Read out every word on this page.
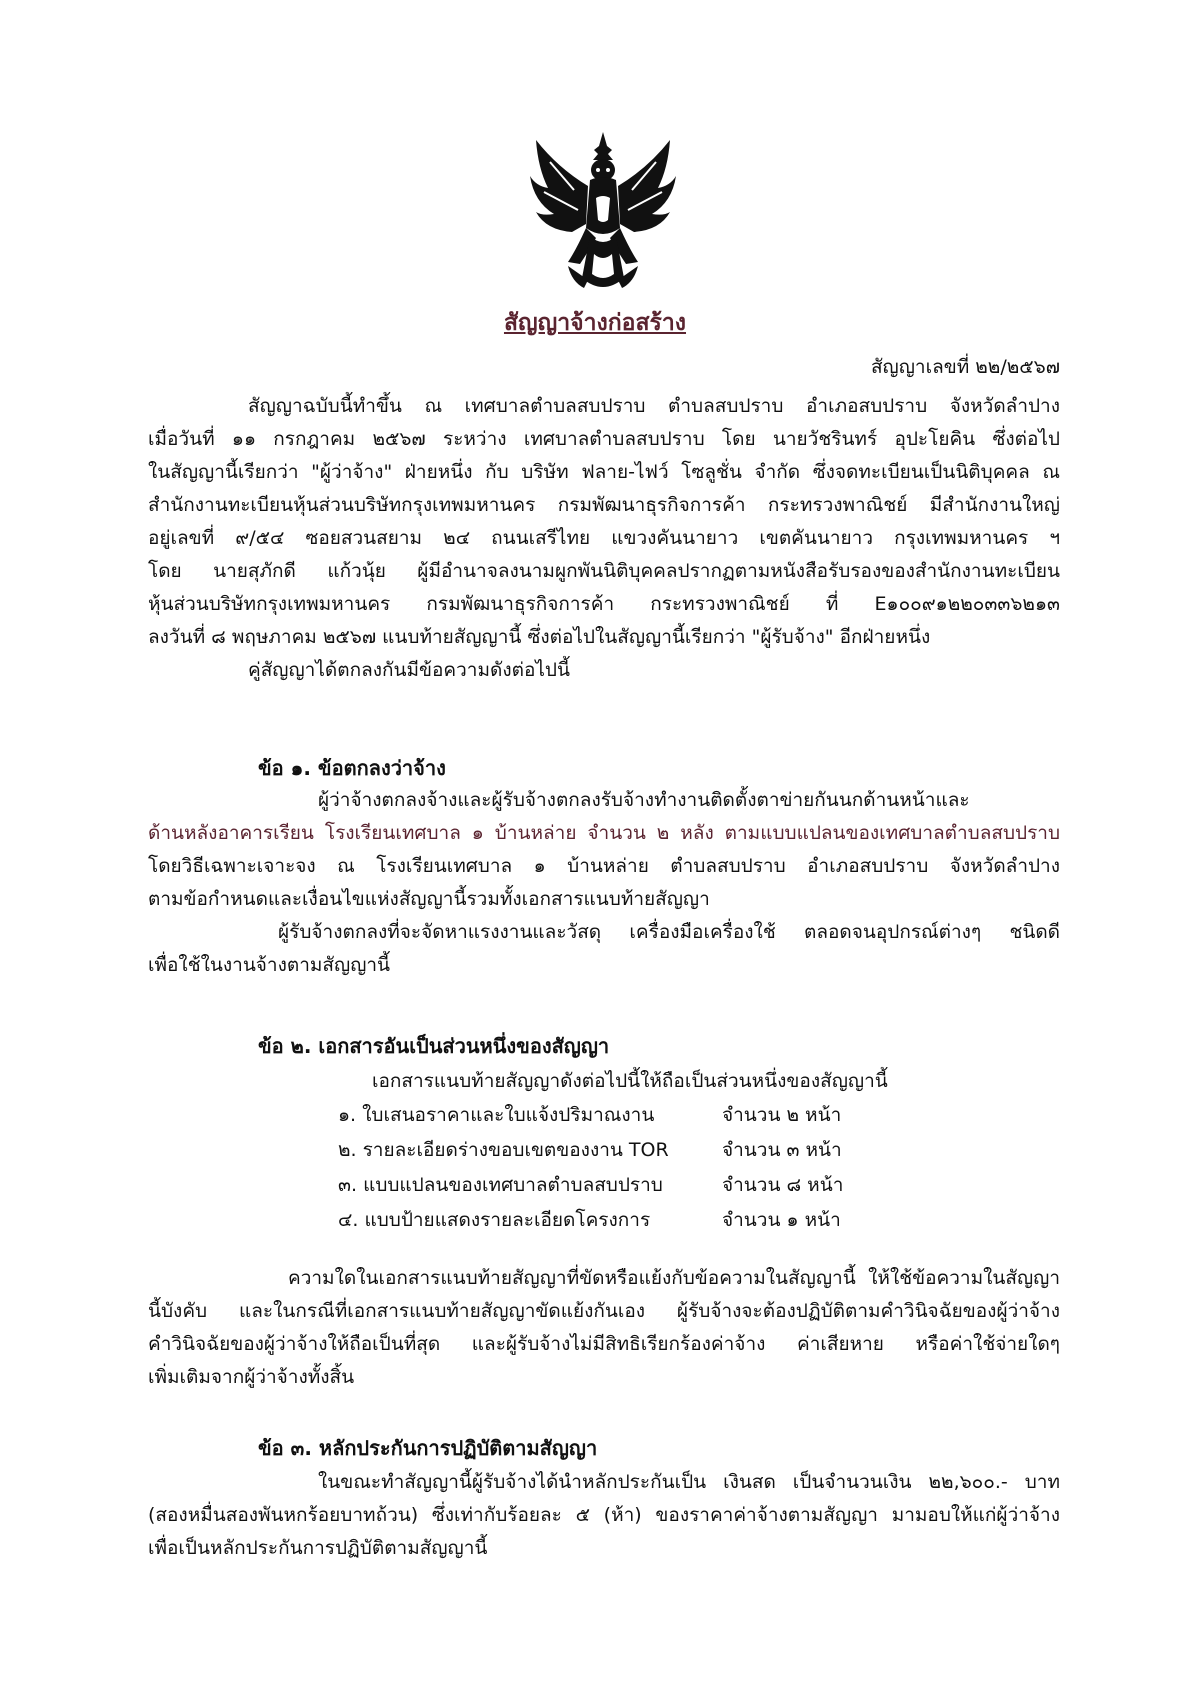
สัญญาจ้างก่อสร้าง
สัญญาเลขที่ ๒๒/๒๕๖๗
สัญญาฉบับนี้ทำขึ้น ณ เทศบาลตำบลสบปราบ ตำบลสบปราบ อำเภอสบปราบ จังหวัดลำปาง
เมื่อวันที่ ๑๑ กรกฎาคม ๒๕๖๗ ระหว่าง เทศบาลตำบลสบปราบ โดย นายวัชรินทร์ อุปะโยคิน ซึ่งต่อไป
ในสัญญานี้เรียกว่า "ผู้ว่าจ้าง" ฝ่ายหนึ่ง กับ บริษัท ฟลาย-ไฟว์ โซลูชั่น จำกัด ซึ่งจดทะเบียนเป็นนิติบุคคล ณ
สำนักงานทะเบียนหุ้นส่วนบริษัทกรุงเทพมหานคร กรมพัฒนาธุรกิจการค้า กระทรวงพาณิชย์ มีสำนักงานใหญ่
อยู่เลขที่ ๙/๕๔ ซอยสวนสยาม ๒๔ ถนนเสรีไทย แขวงคันนายาว เขตคันนายาว กรุงเทพมหานคร ฯ
โดย นายสุภักดี แก้วนุ้ย ผู้มีอำนาจลงนามผูกพันนิติบุคคลปรากฏตามหนังสือรับรองของสำนักงานทะเบียน
หุ้นส่วนบริษัทกรุงเทพมหานคร กรมพัฒนาธุรกิจการค้า กระทรวงพาณิชย์ ที่ E๑๐๐๙๑๒๒๐๓๓๖๒๑๓
ลงวันที่ ๘ พฤษภาคม ๒๕๖๗ แนบท้ายสัญญานี้ ซึ่งต่อไปในสัญญานี้เรียกว่า "ผู้รับจ้าง" อีกฝ่ายหนึ่ง
คู่สัญญาได้ตกลงกันมีข้อความดังต่อไปนี้
ข้อ ๑. ข้อตกลงว่าจ้าง
ผู้ว่าจ้างตกลงจ้างและผู้รับจ้างตกลงรับจ้างทำงานติดตั้งตาข่ายกันนกด้านหน้าและ
ด้านหลังอาคารเรียน โรงเรียนเทศบาล ๑ บ้านหล่าย จำนวน ๒ หลัง ตามแบบแปลนของเทศบาลตำบลสบปราบ
โดยวิธีเฉพาะเจาะจง ณ โรงเรียนเทศบาล ๑ บ้านหล่าย ตำบลสบปราบ อำเภอสบปราบ จังหวัดลำปาง
ตามข้อกำหนดและเงื่อนไขแห่งสัญญานี้รวมทั้งเอกสารแนบท้ายสัญญา
ผู้รับจ้างตกลงที่จะจัดหาแรงงานและวัสดุ เครื่องมือเครื่องใช้ ตลอดจนอุปกรณ์ต่างๆ ชนิดดี
เพื่อใช้ในงานจ้างตามสัญญานี้
ข้อ ๒. เอกสารอันเป็นส่วนหนึ่งของสัญญา
เอกสารแนบท้ายสัญญาดังต่อไปนี้ให้ถือเป็นส่วนหนึ่งของสัญญานี้
๑. ใบเสนอราคาและใบแจ้งปริมาณงาน	จำนวน ๒ หน้า
๒. รายละเอียดร่างขอบเขตของงาน TOR	จำนวน ๓ หน้า
๓. แบบแปลนของเทศบาลตำบลสบปราบ	จำนวน ๘ หน้า
๔. แบบป้ายแสดงรายละเอียดโครงการ	จำนวน ๑ หน้า
ความใดในเอกสารแนบท้ายสัญญาที่ขัดหรือแย้งกับข้อความในสัญญานี้ ให้ใช้ข้อความในสัญญา
นี้บังคับ และในกรณีที่เอกสารแนบท้ายสัญญาขัดแย้งกันเอง ผู้รับจ้างจะต้องปฏิบัติตามคำวินิจฉัยของผู้ว่าจ้าง
คำวินิจฉัยของผู้ว่าจ้างให้ถือเป็นที่สุด และผู้รับจ้างไม่มีสิทธิเรียกร้องค่าจ้าง ค่าเสียหาย หรือค่าใช้จ่ายใดๆ
เพิ่มเติมจากผู้ว่าจ้างทั้งสิ้น
ข้อ ๓. หลักประกันการปฏิบัติตามสัญญา
ในขณะทำสัญญานี้ผู้รับจ้างได้นำหลักประกันเป็น เงินสด เป็นจำนวนเงิน ๒๒,๖๐๐.- บาท
(สองหมื่นสองพันหกร้อยบาทถ้วน) ซึ่งเท่ากับร้อยละ ๕ (ห้า) ของราคาค่าจ้างตามสัญญา มามอบให้แก่ผู้ว่าจ้าง
เพื่อเป็นหลักประกันการปฏิบัติตามสัญญานี้
